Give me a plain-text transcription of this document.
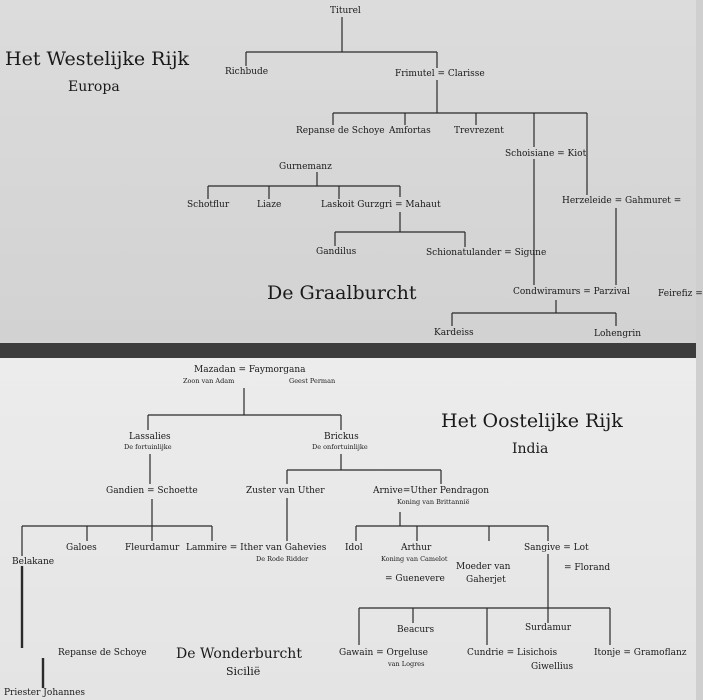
Het Westelijke Rijk
Europa
De Graalburcht
Titurel
Richbude	Frimutel = Clarisse
Repanse de Schoye Amfortas	Trevrezent
Schoisiane = Kiot
Gurnemanz
Schotflur	Liaze	Laskoit Gurzgri = Mahaut	Herzeleide = Gahmuret =
Gandilus	Schionatulander = Sigune
Condwiramurs = Parzival	Feirefiz =
Kardeiss	Lohengrin
Het Oostelijke Rijk
India
De Wonderburcht
Sicilië
Mazadan = Faymorgana
Zoon van Adam	Geest Perman
Lassalies
De fortuinlijke
Brickus
De onfortuinlijke
Gandien = Schoette	Zuster van Uther	Arnive=Uther Pendragon
Koning van Brittannië
Belakane
Galoes	Fleurdamur Lammire = Ither van Gahevies
De Rode Ridder
Idol	Arthur
Koning van Camelot
= Guenevere
Moeder van
Gaherjet
Sangive = Lot
= Florand
Beacurs	Surdamur
Repanse de Schoye	Gawain = Orgeluse
van Logres
Cundrie = Lisichois
Giwellius
Itonje = Gramoflanz
Priester Johannes
